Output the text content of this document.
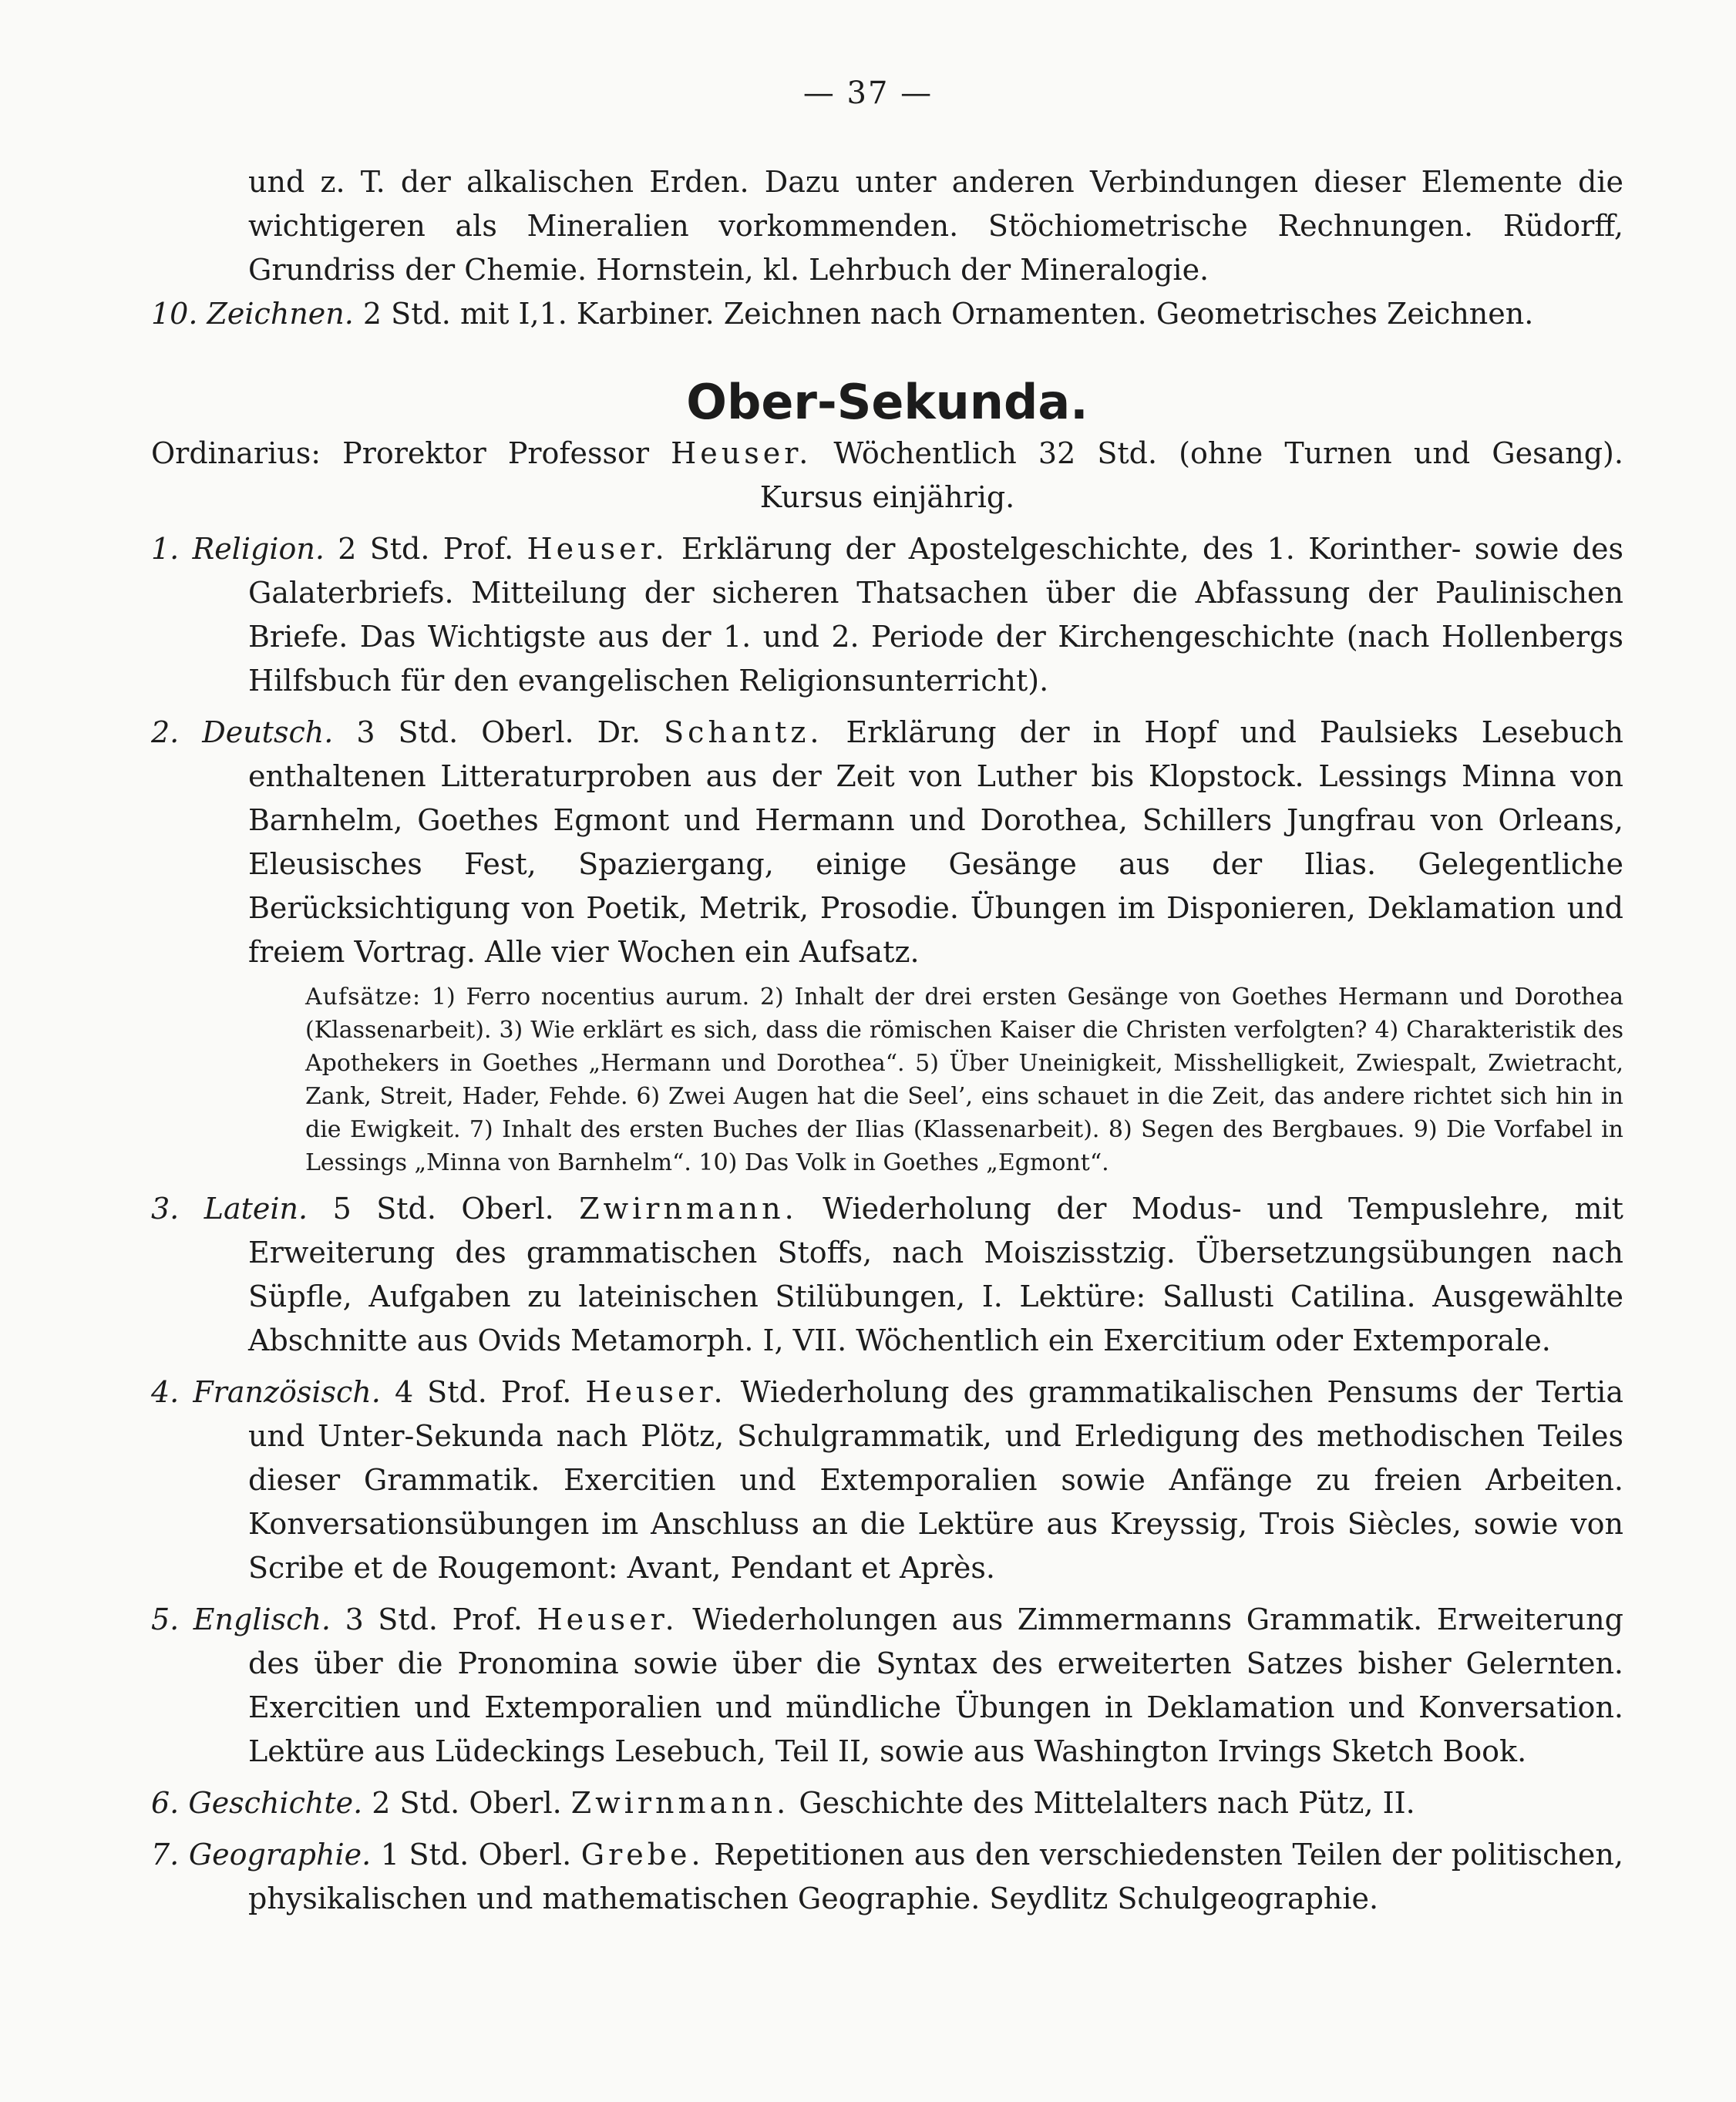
— 37 —

und z. T. der alkalischen Erden. Dazu unter anderen Verbindungen dieser Elemente die wichtigeren als Mineralien vorkommenden. Stöchiometrische Rechnungen. Rüdorff, Grundriss der Chemie. Hornstein, kl. Lehrbuch der Mineralogie.

10. Zeichnen. 2 Std. mit I,1. Karbiner. Zeichnen nach Ornamenten. Geometrisches Zeichnen.

Ober-Sekunda.

Ordinarius: Prorektor Professor Heuser. Wöchentlich 32 Std. (ohne Turnen und Gesang).

Kursus einjährig.

1. Religion. 2 Std. Prof. Heuser. Erklärung der Apostelgeschichte, des 1. Korinther- sowie des Galaterbriefs. Mitteilung der sicheren Thatsachen über die Abfassung der Paulinischen Briefe. Das Wichtigste aus der 1. und 2. Periode der Kirchengeschichte (nach Hollenbergs Hilfsbuch für den evangelischen Religionsunterricht).

2. Deutsch. 3 Std. Oberl. Dr. Schantz. Erklärung der in Hopf und Paulsieks Lesebuch enthaltenen Litteraturproben aus der Zeit von Luther bis Klopstock. Lessings Minna von Barnhelm, Goethes Egmont und Hermann und Dorothea, Schillers Jungfrau von Orleans, Eleusisches Fest, Spaziergang, einige Gesänge aus der Ilias. Gelegentliche Berücksichtigung von Poetik, Metrik, Prosodie. Übungen im Disponieren, Deklamation und freiem Vortrag. Alle vier Wochen ein Aufsatz.

Aufsätze: 1) Ferro nocentius aurum. 2) Inhalt der drei ersten Gesänge von Goethes Hermann und Dorothea (Klassenarbeit). 3) Wie erklärt es sich, dass die römischen Kaiser die Christen verfolgten? 4) Charakteristik des Apothekers in Goethes „Hermann und Dorothea“. 5) Über Uneinigkeit, Misshelligkeit, Zwiespalt, Zwietracht, Zank, Streit, Hader, Fehde. 6) Zwei Augen hat die Seel’, eins schauet in die Zeit, das andere richtet sich hin in die Ewigkeit. 7) Inhalt des ersten Buches der Ilias (Klassenarbeit). 8) Segen des Bergbaues. 9) Die Vorfabel in Lessings „Minna von Barnhelm“. 10) Das Volk in Goethes „Egmont“.

3. Latein. 5 Std. Oberl. Zwirnmann. Wiederholung der Modus- und Tempuslehre, mit Erweiterung des grammatischen Stoffs, nach Moiszisstzig. Übersetzungsübungen nach Süpfle, Aufgaben zu lateinischen Stilübungen, I. Lektüre: Sallusti Catilina. Ausgewählte Abschnitte aus Ovids Metamorph. I, VII. Wöchentlich ein Exercitium oder Extemporale.

4. Französisch. 4 Std. Prof. Heuser. Wiederholung des grammatikalischen Pensums der Tertia und Unter-Sekunda nach Plötz, Schulgrammatik, und Erledigung des methodischen Teiles dieser Grammatik. Exercitien und Extemporalien sowie Anfänge zu freien Arbeiten. Konversationsübungen im Anschluss an die Lektüre aus Kreyssig, Trois Siècles, sowie von Scribe et de Rougemont: Avant, Pendant et Après.

5. Englisch. 3 Std. Prof. Heuser. Wiederholungen aus Zimmermanns Grammatik. Erweiterung des über die Pronomina sowie über die Syntax des erweiterten Satzes bisher Gelernten. Exercitien und Extemporalien und mündliche Übungen in Deklamation und Konversation. Lektüre aus Lüdeckings Lesebuch, Teil II, sowie aus Washington Irvings Sketch Book.

6. Geschichte. 2 Std. Oberl. Zwirnmann. Geschichte des Mittelalters nach Pütz, II.

7. Geographie. 1 Std. Oberl. Grebe. Repetitionen aus den verschiedensten Teilen der politischen, physikalischen und mathematischen Geographie. Seydlitz Schulgeographie.
